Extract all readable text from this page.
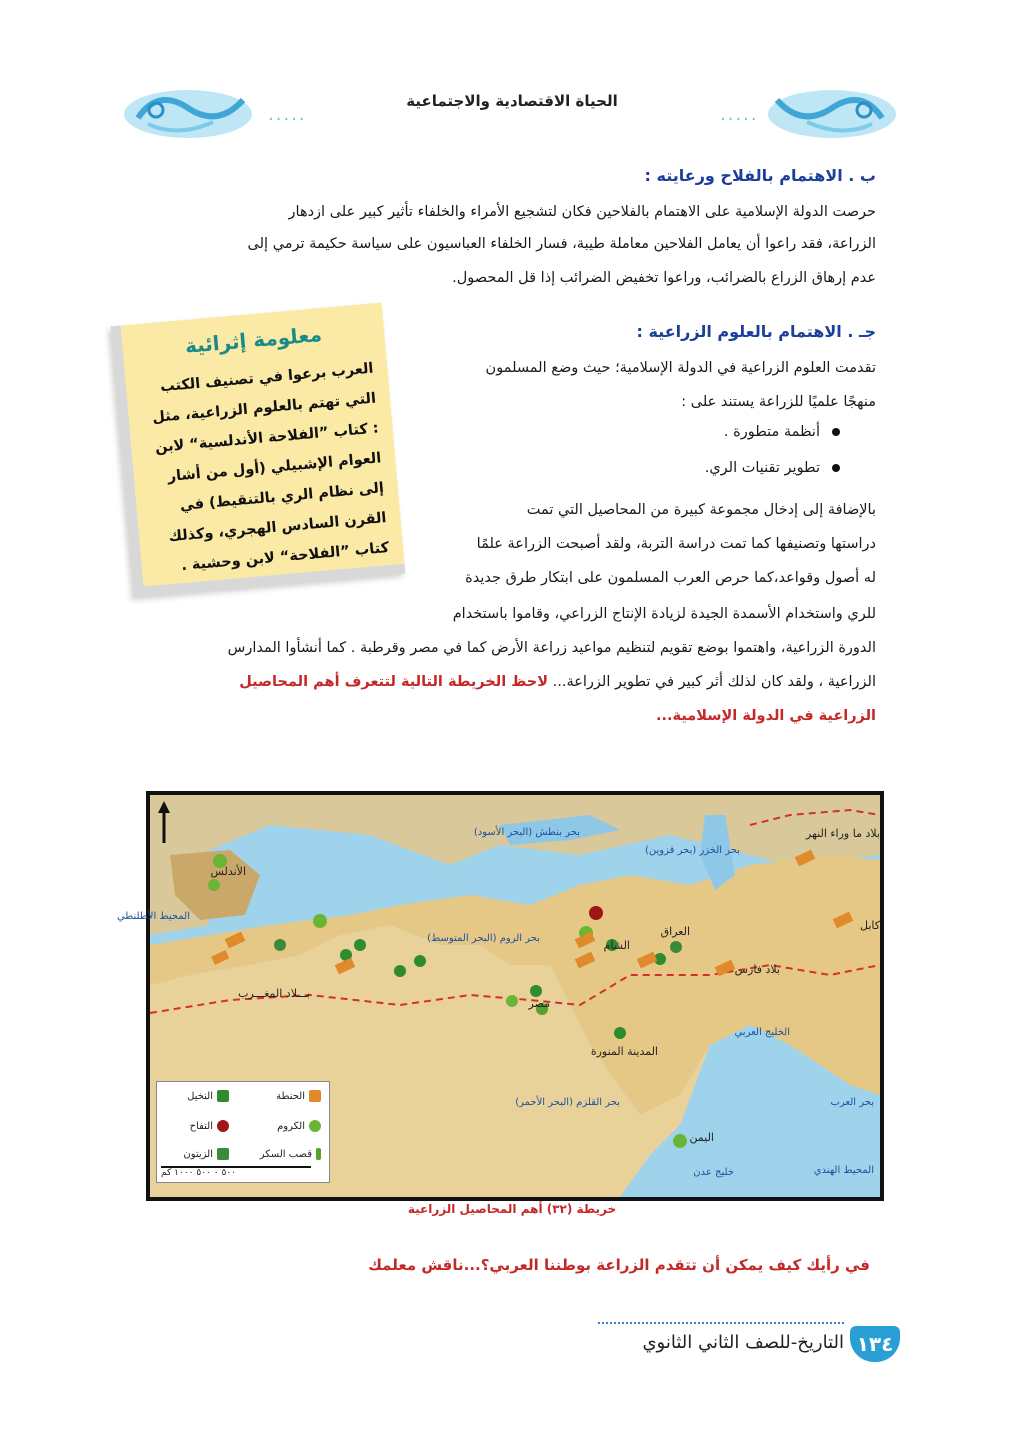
.....
الحياة الاقتصادية والاجتماعية
.....
ب . الاهتمام بالفلاح ورعايته :
حرصت الدولة الإسلامية على الاهتمام بالفلاحين فكان لتشجيع الأمراء والخلفاء تأثير كبير على ازدهار
الزراعة، فقد راعوا أن يعامل الفلاحين معاملة طيبة، فسار الخلفاء العباسيون على سياسة حكيمة ترمي إلى
عدم إرهاق الزراع بالضرائب، وراعوا تخفيض الضرائب إذا قل المحصول.
معلومة إثرائية
العرب برعوا في تصنيف الكتب التي تهتم بالعلوم الزراعية، مثل : كتاب ”الفلاحة الأندلسية“ لابن العوام الإشبيلي (أول من أشار إلى نظام الري بالتنقيط) في القرن السادس الهجري، وكذلك كتاب ”الفلاحة“ لابن وحشية .
جـ . الاهتمام بالعلوم الزراعية :
تقدمت العلوم الزراعية في الدولة الإسلامية؛ حيث وضع المسلمون
منهجًا علميًا للزراعة يستند على :
أنظمة متطورة .
تطوير تقنيات الري.
بالإضافة إلى إدخال مجموعة كبيرة من المحاصيل التي تمت
دراستها وتصنيفها كما تمت دراسة التربة، ولقد أصبحت الزراعة علمًا
له أصول وقواعد،كما حرص العرب المسلمون على ابتكار طرق جديدة
للري واستخدام الأسمدة الجيدة لزيادة الإنتاج الزراعي، وقاموا باستخدام
الدورة الزراعية، واهتموا بوضع تقويم لتنظيم مواعيد زراعة الأرض كما في مصر وقرطبة . كما أنشأوا المدارس
الزراعية ، ولقد كان لذلك أثر كبير في تطوير الزراعة... لاحظ الخريطة التالية لتتعرف أهم المحاصيل
الزراعية في الدولة الإسلامية...
الأندلس
المحيط الأطلنطي
بـــلاد المغـــرب
بحر الروم (البحر المتوسط)
بحر بنطش (البحر الأسود)
بحر الخزر (بحر قزوين)
الشام
العراق
بلاد فارس
بلاد ما وراء النهر
كابل
مصر
المدينة المنورة
اليمن
بحر العرب
المحيط الهندي
خليج عدن
بحر القلزم (البحر الأحمر)
الخليج العربي
الحنطة
النخيل
الكروم
التفاح
قصب السكر
الزيتون
٥٠٠ ٠ ٥٠٠ ١٠٠٠ كم
خريطة (٣٢) أهم المحاصيل الزراعية
في رأيك كيف يمكن أن تتقدم الزراعة بوطننا العربي؟...ناقش معلمك
التاريخ-للصف الثاني الثانوي ١٣٤
